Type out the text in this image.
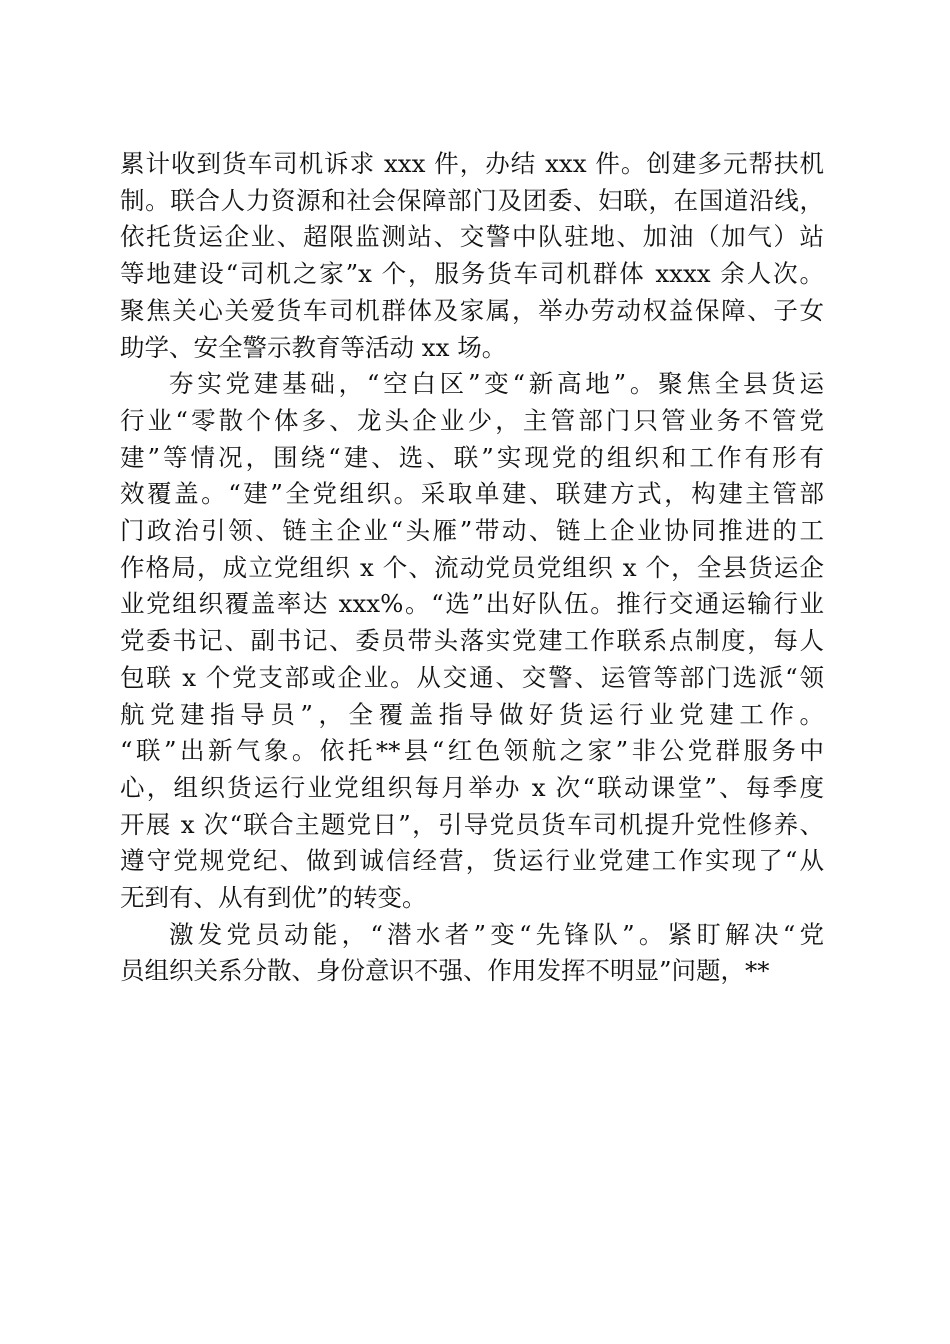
累计收到货车司机诉求 xxx 件，办结 xxx 件。创建多元帮扶机
制。联合人力资源和社会保障部门及团委、妇联，在国道沿线，
依托货运企业、超限监测站、交警中队驻地、加油（加气）站
等地建设“司机之家”x 个，服务货车司机群体 xxxx 余人次。
聚焦关心关爱货车司机群体及家属，举办劳动权益保障、子女
助学、安全警示教育等活动 xx 场。
夯实党建基础，“空白区”变“新高地”。聚焦全县货运
行业“零散个体多、龙头企业少，主管部门只管业务不管党
建”等情况，围绕“建、选、联”实现党的组织和工作有形有
效覆盖。“建”全党组织。采取单建、联建方式，构建主管部
门政治引领、链主企业“头雁”带动、链上企业协同推进的工
作格局，成立党组织 x 个、流动党员党组织 x 个，全县货运企
业党组织覆盖率达 xxx%。“选”出好队伍。推行交通运输行业
党委书记、副书记、委员带头落实党建工作联系点制度，每人
包联 x 个党支部或企业。从交通、交警、运管等部门选派“领
航党建指导员”，全覆盖指导做好货运行业党建工作。
“联”出新气象。依托**县“红色领航之家”非公党群服务中
心，组织货运行业党组织每月举办 x 次“联动课堂”、每季度
开展 x 次“联合主题党日”，引导党员货车司机提升党性修养、
遵守党规党纪、做到诚信经营，货运行业党建工作实现了“从
无到有、从有到优”的转变。
激发党员动能，“潜水者”变“先锋队”。紧盯解决“党
员组织关系分散、身份意识不强、作用发挥不明显”问题，**
